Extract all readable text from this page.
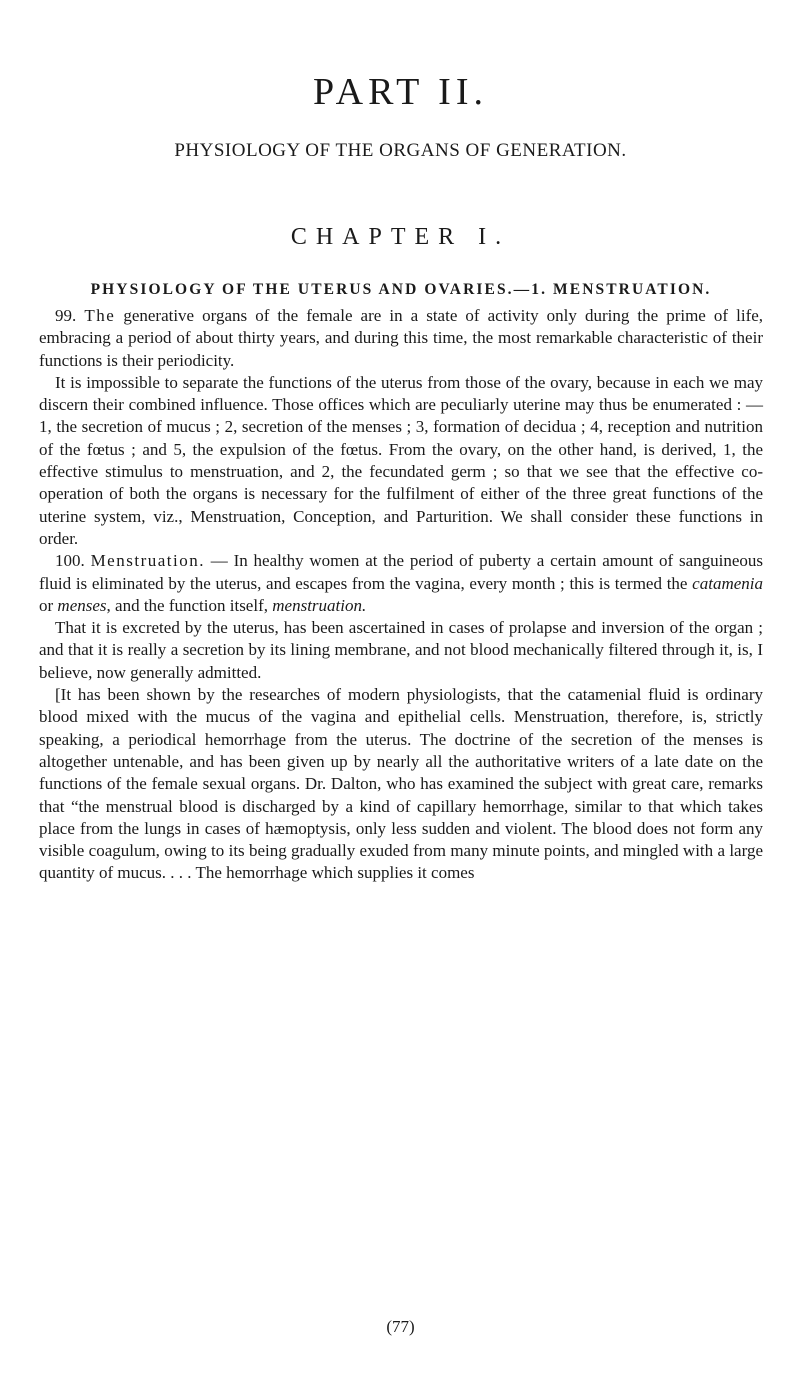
PART II.
PHYSIOLOGY OF THE ORGANS OF GENERATION.
CHAPTER I.
PHYSIOLOGY OF THE UTERUS AND OVARIES.—1. MENSTRUATION.

99. The generative organs of the female are in a state of activity only during the prime of life, embracing a period of about thirty years, and during this time, the most remarkable characteristic of their functions is their periodicity.

It is impossible to separate the functions of the uterus from those of the ovary, because in each we may discern their combined influence. Those offices which are peculiarly uterine may thus be enumerated : — 1, the secretion of mucus ; 2, secretion of the menses ; 3, formation of decidua ; 4, reception and nutrition of the fœtus ; and 5, the expulsion of the fœtus. From the ovary, on the other hand, is derived, 1, the effective stimulus to menstruation, and 2, the fecundated germ ; so that we see that the effective co-operation of both the organs is necessary for the fulfilment of either of the three great functions of the uterine system, viz., Menstruation, Conception, and Parturition. We shall consider these functions in order.

100. Menstruation. — In healthy women at the period of puberty a certain amount of sanguineous fluid is eliminated by the uterus, and escapes from the vagina, every month ; this is termed the catamenia or menses, and the function itself, menstruation.

That it is excreted by the uterus, has been ascertained in cases of prolapse and inversion of the organ ; and that it is really a secretion by its lining membrane, and not blood mechanically filtered through it, is, I believe, now generally admitted.

[It has been shown by the researches of modern physiologists, that the catamenial fluid is ordinary blood mixed with the mucus of the vagina and epithelial cells. Menstruation, therefore, is, strictly speaking, a periodical hemorrhage from the uterus. The doctrine of the secretion of the menses is altogether untenable, and has been given up by nearly all the authoritative writers of a late date on the functions of the female sexual organs. Dr. Dalton, who has examined the subject with great care, remarks that “the menstrual blood is discharged by a kind of capillary hemorrhage, similar to that which takes place from the lungs in cases of hæmoptysis, only less sudden and violent. The blood does not form any visible coagulum, owing to its being gradually exuded from many minute points, and mingled with a large quantity of mucus. . . . The hemorrhage which supplies it comes

(77)
